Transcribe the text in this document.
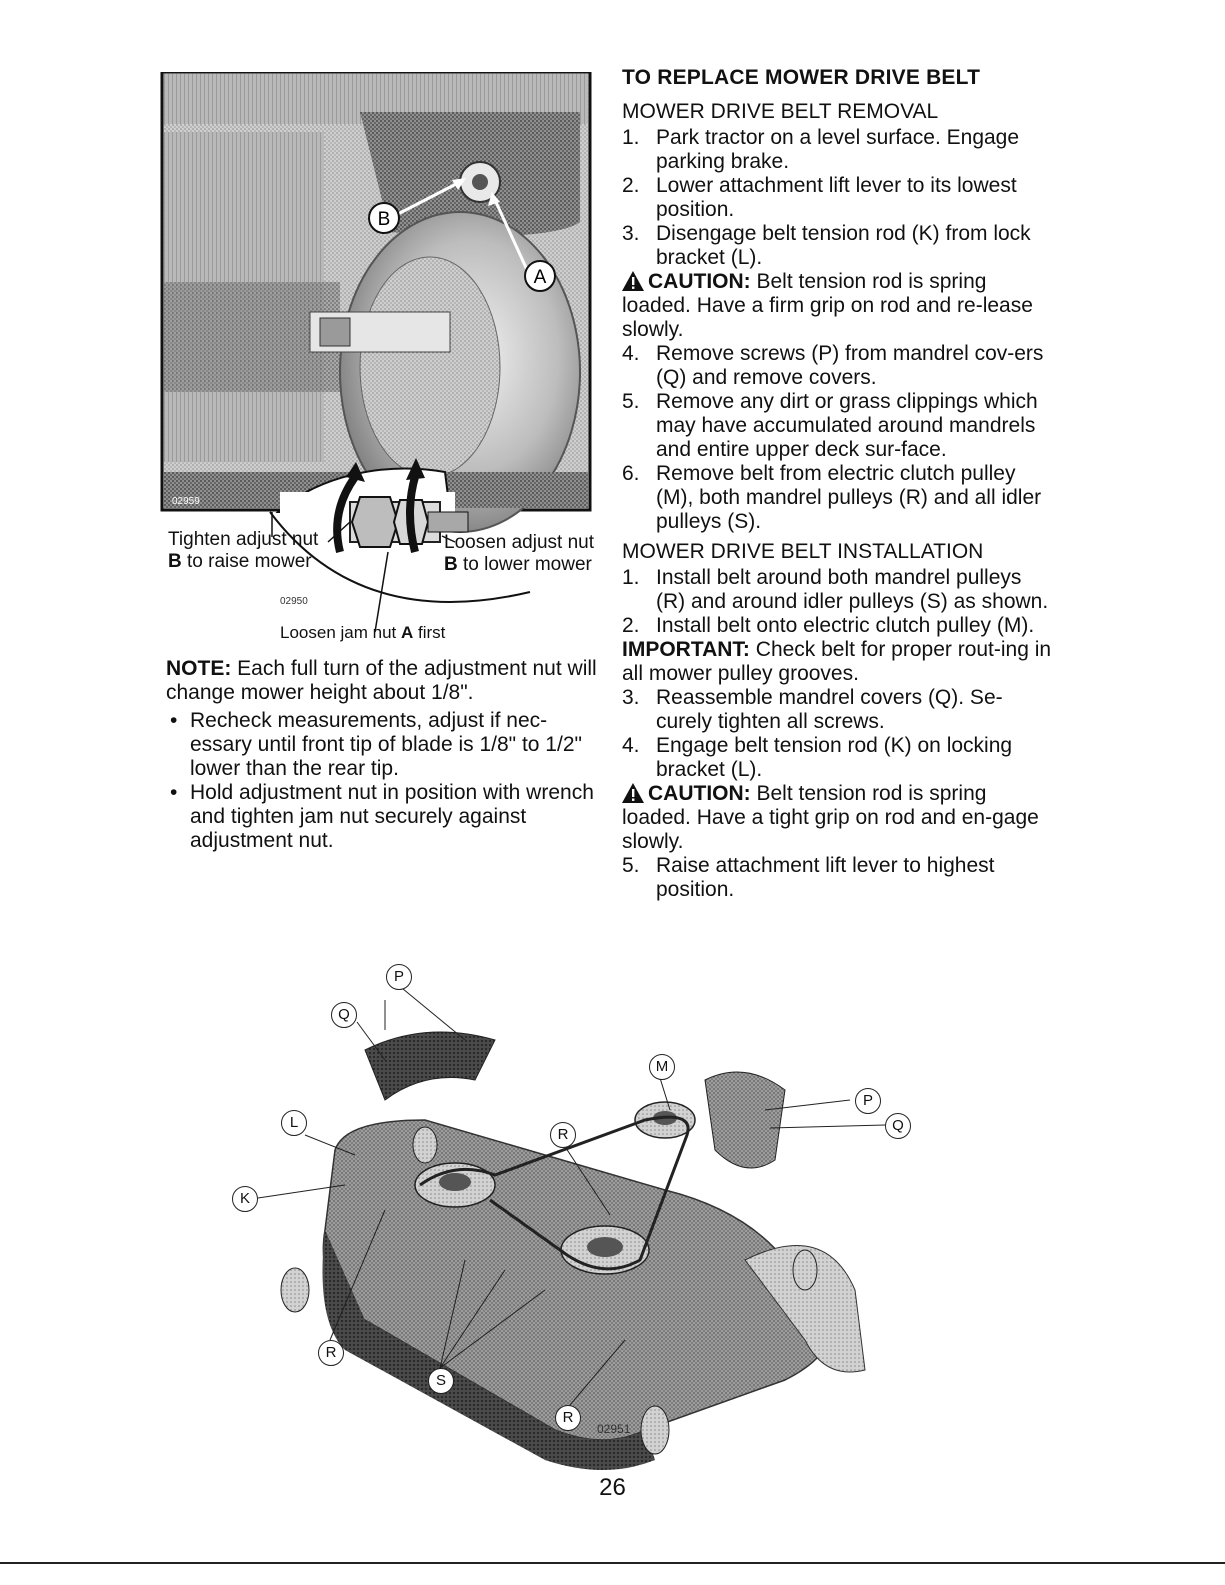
02959
B
A
02950
Tighten adjust nut
B to raise mower
Loosen adjust nut
B to lower mower
Loosen jam nut A first

NOTE: Each full turn of the adjustment nut will change mower height about 1/8".

• Recheck measurements, adjust if nec-essary until front tip of blade is 1/8" to 1/2" lower than the rear tip.
• Hold adjustment nut in position with wrench and tighten jam nut securely against adjustment nut.
TO REPLACE MOWER DRIVE BELT
MOWER DRIVE BELT REMOVAL
1. Park tractor on a level surface. Engage parking brake.
2. Lower attachment lift lever to its lowest position.
3. Disengage belt tension rod (K) from lock bracket (L).

CAUTION: Belt tension rod is spring loaded. Have a firm grip on rod and re-lease slowly.

4. Remove screws (P) from mandrel cov-ers (Q) and remove covers.
5. Remove any dirt or grass clippings which may have accumulated around mandrels and entire upper deck sur-face.
6. Remove belt from electric clutch pulley (M), both mandrel pulleys (R) and all idler pulleys (S).
MOWER DRIVE BELT INSTALLATION
1. Install belt around both mandrel pulleys (R) and around idler pulleys (S) as shown.
2. Install belt onto electric clutch pulley (M).

IMPORTANT: Check belt for proper rout-ing in all mower pulley grooves.

3. Reassemble mandrel covers (Q). Se-curely tighten all screws.
4. Engage belt tension rod (K) on locking bracket (L).

CAUTION: Belt tension rod is spring loaded. Have a tight grip on rod and en-gage slowly.

5. Raise attachment lift lever to highest position.
P
Q
L
K
R
M
P
Q
R
S
R
02951
26
